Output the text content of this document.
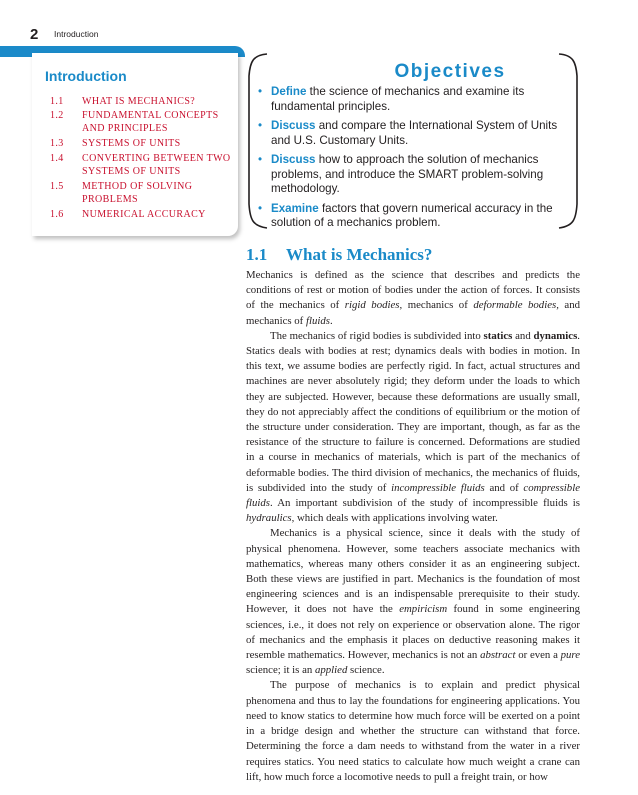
2 Introduction
Introduction
1.1 WHAT IS MECHANICS?
1.2 FUNDAMENTAL CONCEPTS AND PRINCIPLES
1.3 SYSTEMS OF UNITS
1.4 CONVERTING BETWEEN TWO SYSTEMS OF UNITS
1.5 METHOD OF SOLVING PROBLEMS
1.6 NUMERICAL ACCURACY
Objectives
• Define the science of mechanics and examine its fundamental principles.
• Discuss and compare the International System of Units and U.S. Customary Units.
• Discuss how to approach the solution of mechanics problems, and introduce the SMART problem-solving methodology.
• Examine factors that govern numerical accuracy in the solution of a mechanics problem.
1.1 What is Mechanics?

Mechanics is defined as the science that describes and predicts the conditions of rest or motion of bodies under the action of forces. It consists of the mechanics of rigid bodies, mechanics of deformable bodies, and mechanics of fluids.

The mechanics of rigid bodies is subdivided into statics and dynamics. Statics deals with bodies at rest; dynamics deals with bodies in motion. In this text, we assume bodies are perfectly rigid. In fact, actual structures and machines are never absolutely rigid; they deform under the loads to which they are subjected. However, because these deformations are usually small, they do not appreciably affect the conditions of equilibrium or the motion of the structure under consideration. They are important, though, as far as the resistance of the structure to failure is concerned. Deformations are studied in a course in mechanics of materials, which is part of the mechanics of deformable bodies. The third division of mechanics, the mechanics of fluids, is subdivided into the study of incompressible fluids and of compressible fluids. An important subdivision of the study of incompressible fluids is hydraulics, which deals with applications involving water.

Mechanics is a physical science, since it deals with the study of physical phenomena. However, some teachers associate mechanics with mathematics, whereas many others consider it as an engineering subject. Both these views are justified in part. Mechanics is the foundation of most engineering sciences and is an indispensable prerequisite to their study. However, it does not have the empiricism found in some engineering sciences, i.e., it does not rely on experience or observation alone. The rigor of mechanics and the emphasis it places on deductive reasoning makes it resemble mathematics. However, mechanics is not an abstract or even a pure science; it is an applied science.

The purpose of mechanics is to explain and predict physical phenomena and thus to lay the foundations for engineering applications. You need to know statics to determine how much force will be exerted on a point in a bridge design and whether the structure can withstand that force. Determining the force a dam needs to withstand from the water in a river requires statics. You need statics to calculate how much weight a crane can lift, how much force a locomotive needs to pull a freight train, or how
